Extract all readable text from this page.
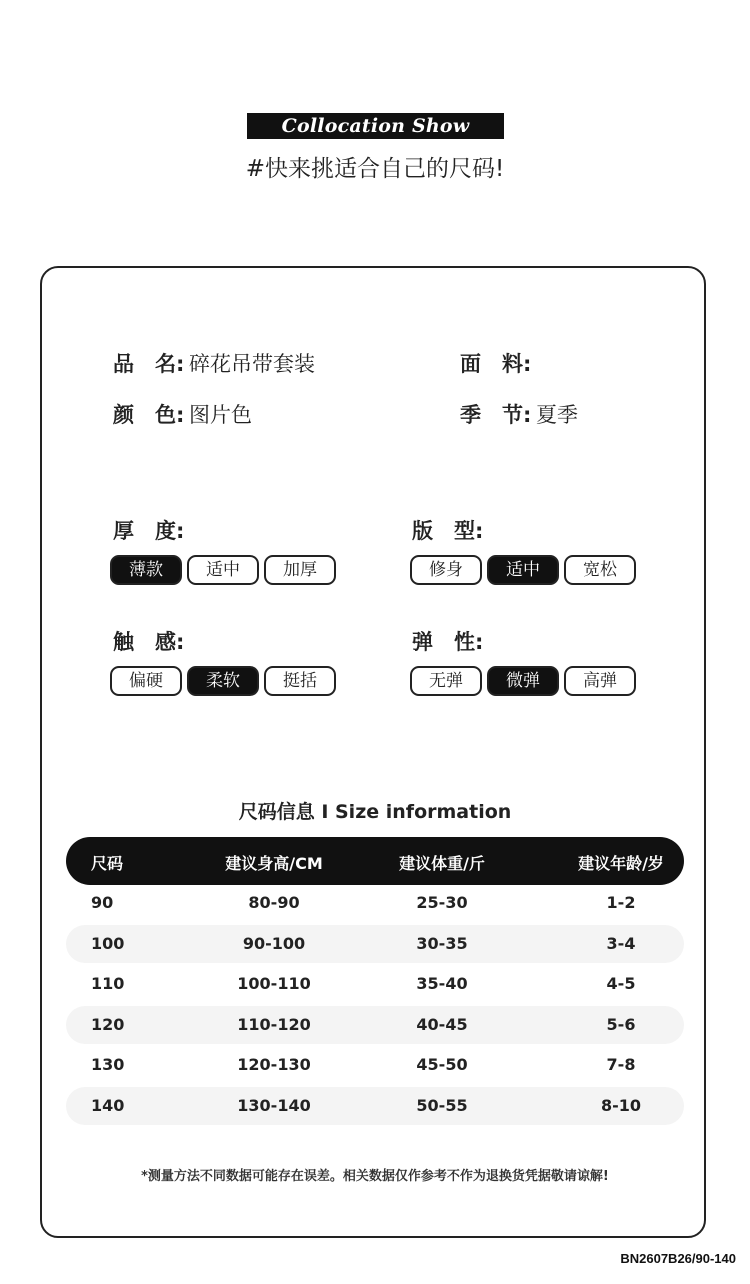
Collocation Show
#快来挑适合自己的尺码!
品　名: 碎花吊带套装	面　料:
颜　色: 图片色	季　节: 夏季
厚　度:
薄款	适中	加厚
版　型:
修身	适中	宽松
触　感:
偏硬	柔软	挺括
弹　性:
无弹	微弹	高弹
尺码信息 I Size information
尺码	建议身高/CM	建议体重/斤	建议年龄/岁
90	80-90	25-30	1-2
100	90-100	30-35	3-4
110	100-110	35-40	4-5
120	110-120	40-45	5-6
130	120-130	45-50	7-8
140	130-140	50-55	8-10
*测量方法不同数据可能存在误差。相关数据仅作参考不作为退换货凭据敬请谅解!
BN2607B26/90-140
